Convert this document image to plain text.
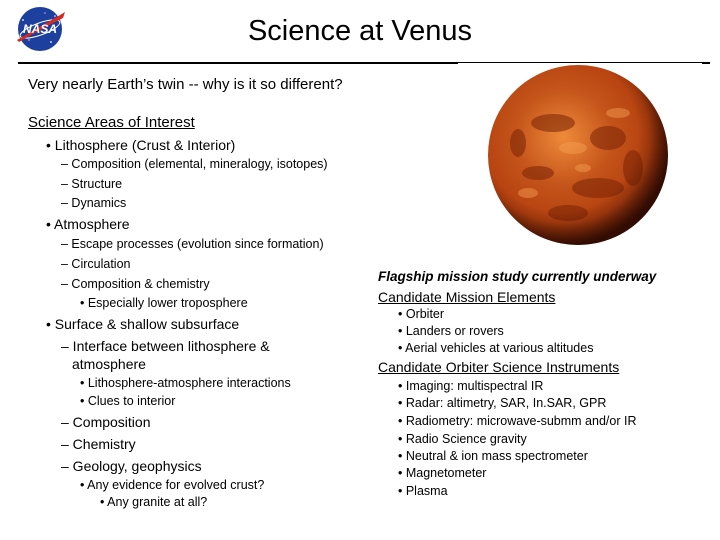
NASA	Science at Venus
Very nearly Earth’s twin -- why is it so different?
Science Areas of Interest
• Lithosphere (Crust & Interior)
– Composition (elemental, mineralogy, isotopes)
– Structure
– Dynamics
• Atmosphere
– Escape processes (evolution since formation)
– Circulation
– Composition & chemistry
• Especially lower troposphere
• Surface & shallow subsurface
– Interface between lithosphere &
atmosphere
• Lithosphere-atmosphere interactions
• Clues to interior
– Composition
– Chemistry
– Geology, geophysics
• Any evidence for evolved crust?
• Any granite at all?
Flagship mission study currently underway
Candidate Mission Elements
• Orbiter
• Landers or rovers
• Aerial vehicles at various altitudes
Candidate Orbiter Science Instruments
• Imaging: multispectral IR
• Radar: altimetry, SAR, In.SAR, GPR
• Radiometry: microwave-submm and/or IR
• Radio Science gravity
• Neutral & ion mass spectrometer
• Magnetometer
• Plasma
